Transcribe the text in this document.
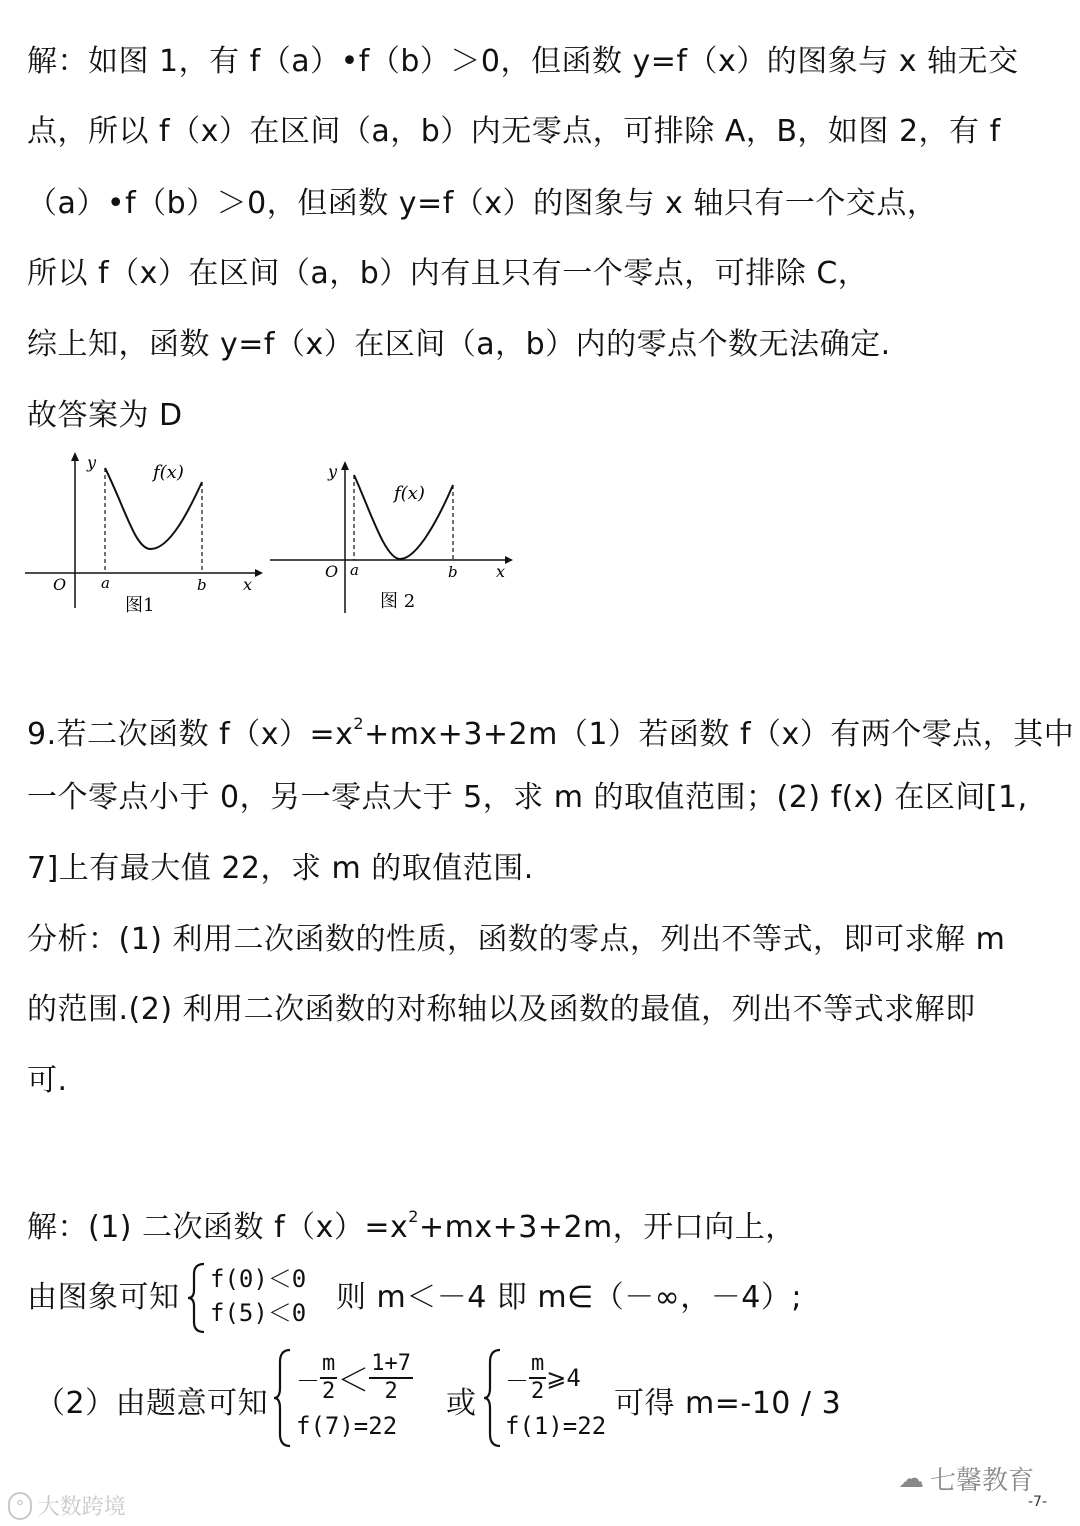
解：如图 1，有 f（a）•f（b）＞0，但函数 y=f（x）的图象与 x 轴无交

点，所以 f（x）在区间（a，b）内无零点，可排除 A，B，如图 2，有 f

（a）•f（b）＞0，但函数 y=f（x）的图象与 x 轴只有一个交点，

所以 f（x）在区间（a，b）内有且只有一个零点，可排除 C，

综上知，函数 y=f（x）在区间（a，b）内的零点个数无法确定.

故答案为 D

y
x
O a	b
f(x)
图1
y
x
O a	b
f(x)
图 2

9.若二次函数 $f(x)=x^2+mx+3+2m(1)$若函数 f（x）有两个零点，其中

一个零点小于 0，另一零点大于 5，求 m 的取值范围；(2) f(x) 在区间[1,

7]上有最大值 22，求 m 的取值范围.

分析：(1) 利用二次函数的性质，函数的零点，列出不等式，即可求解 m

的范围.(2) 利用二次函数的对称轴以及函数的最值，列出不等式求解即

可.

解：(1) 二次函数 $f(x)=x^2+mx+3+2m$，开口向上，

由图象可知
f(0)＜0
f(5)＜0 则 m＜－4 即 m∈（－∞，－4）;
（2）由题意可知
－ $\frac{m}{2} < \frac{1+7}{2}$
f(7)=22
或
－ $\frac{m}{2}$ ⩾4
f(1)=22
可得 m=-10 / 3
ᐤ 大数跨境
☁ 七馨教育
-7-
